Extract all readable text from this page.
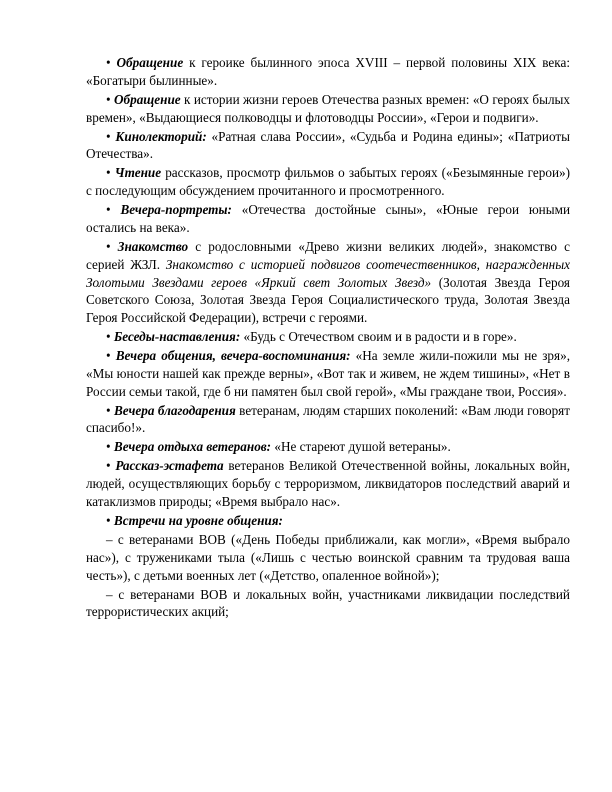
• Обращение к героике былинного эпоса XVIII – первой половины XIX века: «Богатыри былинные».

• Обращение к истории жизни героев Отечества разных времен: «О героях былых времен», «Выдающиеся полководцы и флотоводцы России», «Герои и подвиги».

• Кинолекторий: «Ратная слава России», «Судьба и Родина едины»; «Патриоты Отечества».

• Чтение рассказов, просмотр фильмов о забытых героях («Безымянные герои») с последующим обсуждением прочитанного и просмотренного.

• Вечера-портреты: «Отечества достойные сыны», «Юные герои юными остались на века».

• Знакомство с родословными «Древо жизни великих людей», знакомство с серией ЖЗЛ. Знакомство с историей подвигов соотечественников, награжденных Золотыми Звездами героев «Яркий свет Золотых Звезд» (Золотая Звезда Героя Советского Союза, Золотая Звезда Героя Социалистического труда, Золотая Звезда Героя Российской Федерации), встречи с героями.

• Беседы-наставления: «Будь с Отечеством своим и в радости и в горе».

• Вечера общения, вечера-воспоминания: «На земле жили-пожили мы не зря», «Мы юности нашей как прежде верны», «Вот так и живем, не ждем тишины», «Нет в России семьи такой, где б ни памятен был свой герой», «Мы граждане твои, Россия».

• Вечера благодарения ветеранам, людям старших поколений: «Вам люди говорят спасибо!».

• Вечера отдыха ветеранов: «Не стареют душой ветераны».

• Рассказ-эстафета ветеранов Великой Отечественной войны, локальных войн, людей, осуществляющих борьбу с терроризмом, ликвидаторов последствий аварий и катаклизмов природы; «Время выбрало нас».

• Встречи на уровне общения:

– с ветеранами ВОВ («День Победы приближали, как могли», «Время выбрало нас»), с тружениками тыла («Лишь с честью воинской сравним та трудовая ваша честь»), с детьми военных лет («Детство, опаленное войной»);

– с ветеранами ВОВ и локальных войн, участниками ликвидации последствий террористических акций;
